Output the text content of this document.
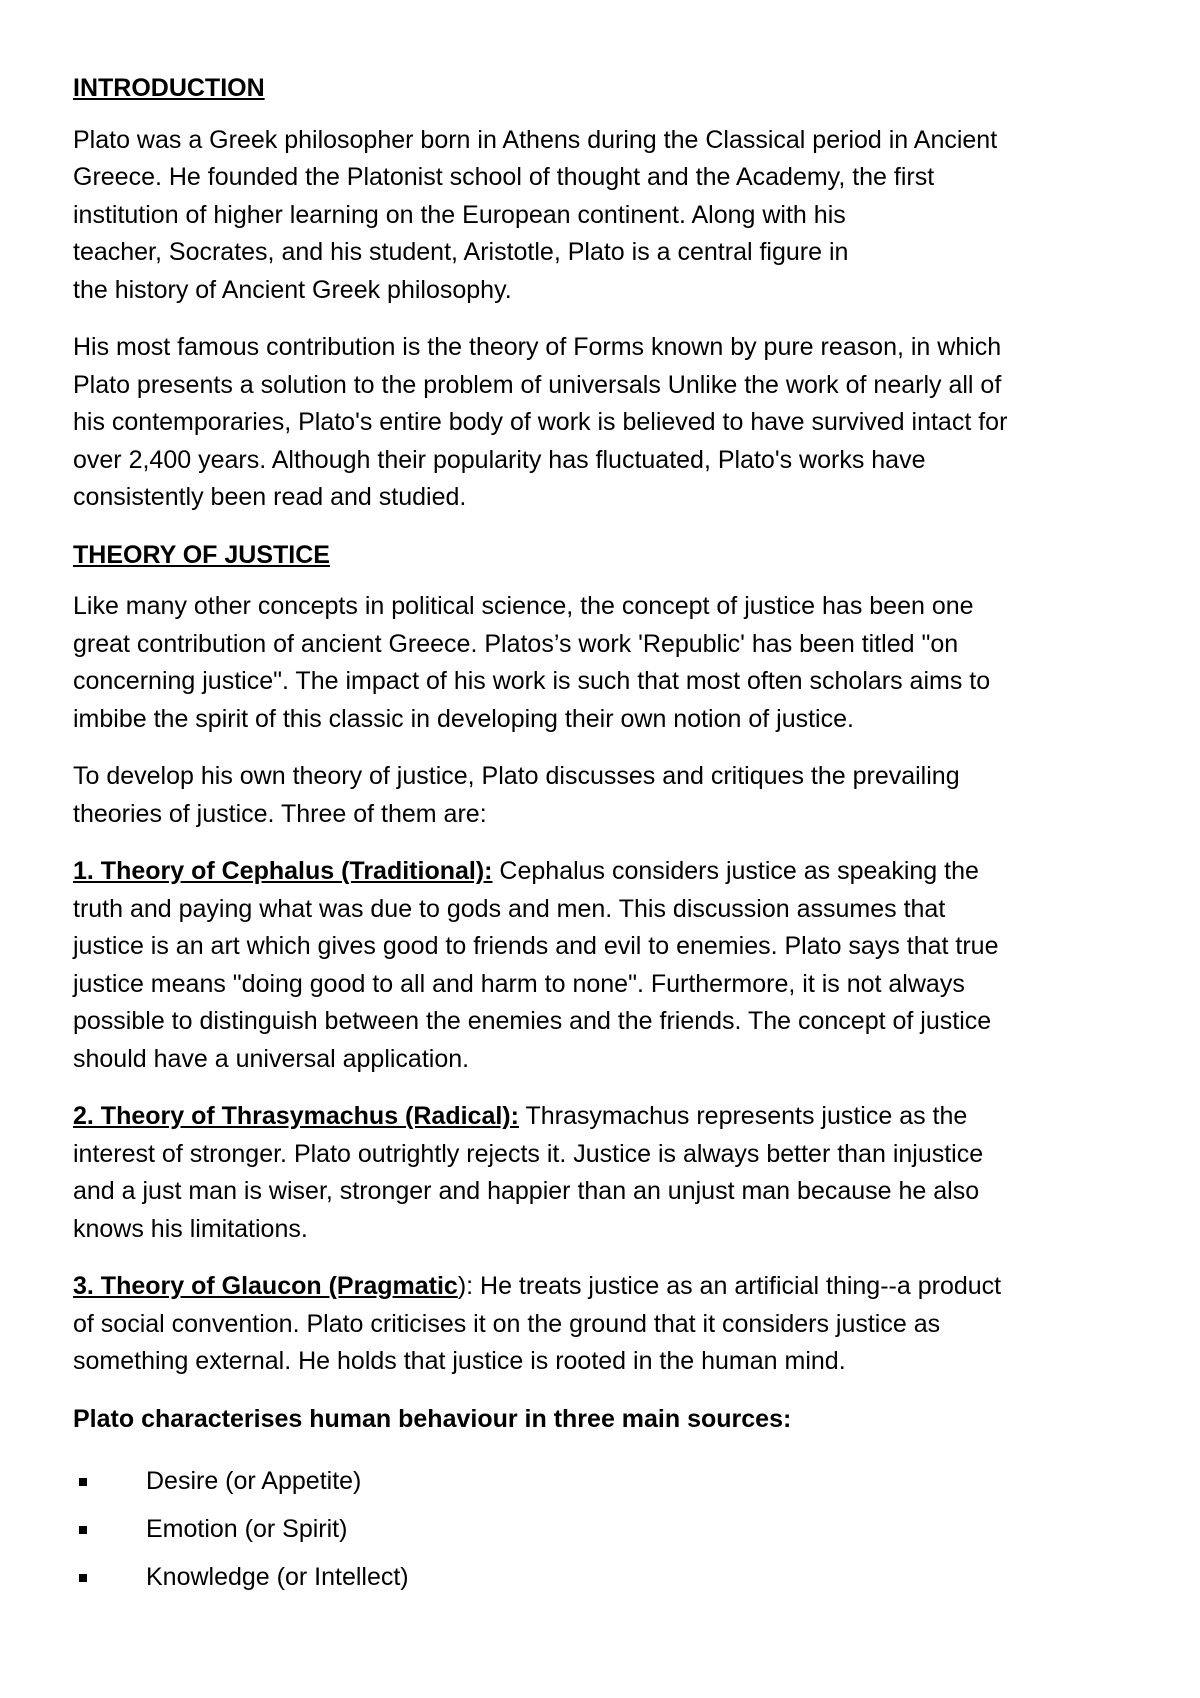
INTRODUCTION

Plato was a Greek philosopher born in Athens during the Classical period in Ancient
Greece. He founded the Platonist school of thought and the Academy, the first
institution of higher learning on the European continent. Along with his
teacher, Socrates, and his student, Aristotle, Plato is a central figure in
the history of Ancient Greek philosophy.

His most famous contribution is the theory of Forms known by pure reason, in which
Plato presents a solution to the problem of universals Unlike the work of nearly all of
his contemporaries, Plato's entire body of work is believed to have survived intact for
over 2,400 years. Although their popularity has fluctuated, Plato's works have
consistently been read and studied.

THEORY OF JUSTICE

Like many other concepts in political science, the concept of justice has been one
great contribution of ancient Greece. Platos’s work 'Republic' has been titled "on
concerning justice". The impact of his work is such that most often scholars aims to
imbibe the spirit of this classic in developing their own notion of justice.

To develop his own theory of justice, Plato discusses and critiques the prevailing
theories of justice. Three of them are:

1. Theory of Cephalus (Traditional): Cephalus considers justice as speaking the
truth and paying what was due to gods and men. This discussion assumes that
justice is an art which gives good to friends and evil to enemies. Plato says that true
justice means "doing good to all and harm to none". Furthermore, it is not always
possible to distinguish between the enemies and the friends. The concept of justice
should have a universal application.

2. Theory of Thrasymachus (Radical): Thrasymachus represents justice as the
interest of stronger. Plato outrightly rejects it. Justice is always better than injustice
and a just man is wiser, stronger and happier than an unjust man because he also
knows his limitations.

3. Theory of Glaucon (Pragmatic): He treats justice as an artificial thing--a product
of social convention. Plato criticises it on the ground that it considers justice as
something external. He holds that justice is rooted in the human mind.

Plato characterises human behaviour in three main sources:

Desire (or Appetite)
Emotion (or Spirit)
Knowledge (or Intellect)
